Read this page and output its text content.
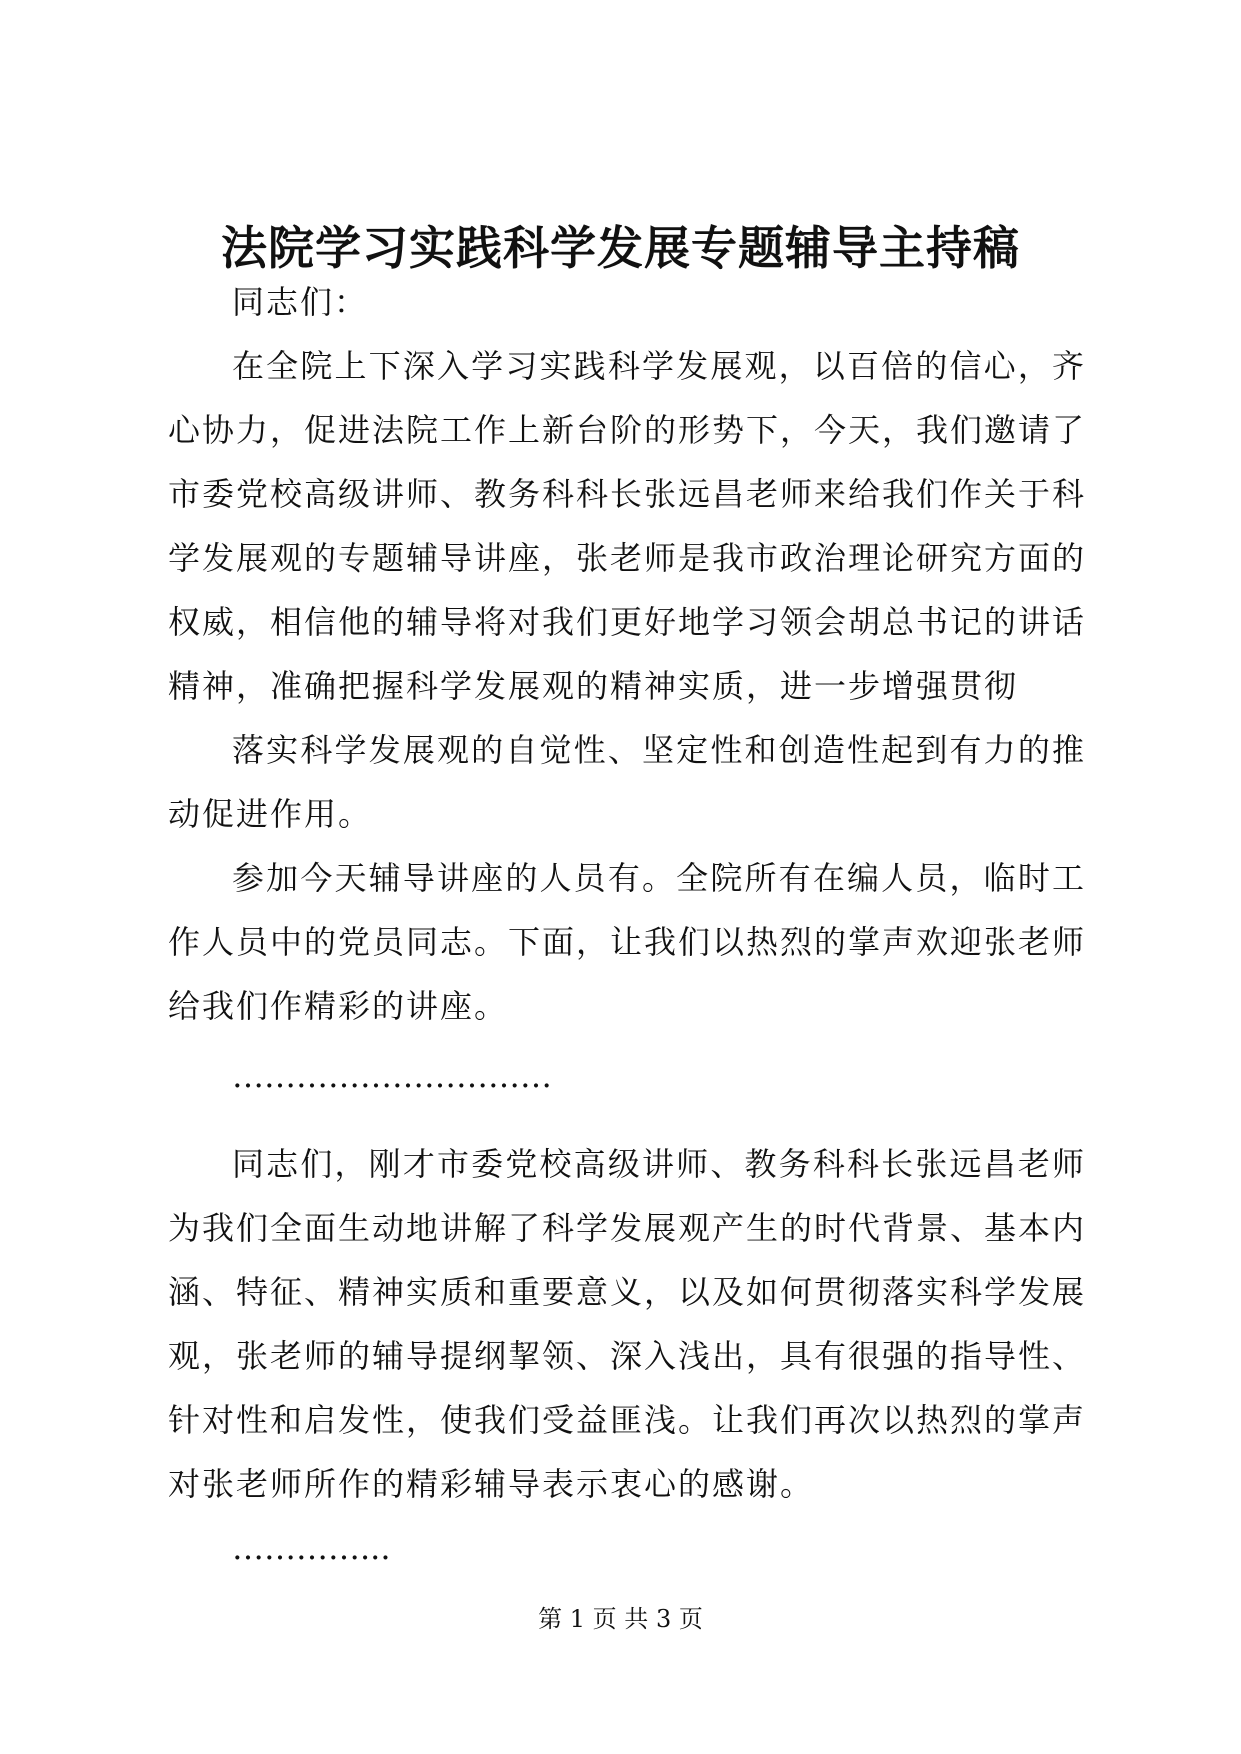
法院学习实践科学发展专题辅导主持稿

同志们：

在全院上下深入学习实践科学发展观，以百倍的信心，齐心协力，促进法院工作上新台阶的形势下，今天，我们邀请了市委党校高级讲师、教务科科长张远昌老师来给我们作关于科学发展观的专题辅导讲座，张老师是我市政治理论研究方面的权威，相信他的辅导将对我们更好地学习领会胡总书记的讲话精神，准确把握科学发展观的精神实质，进一步增强贯彻

落实科学发展观的自觉性、坚定性和创造性起到有力的推动促进作用。

参加今天辅导讲座的人员有。全院所有在编人员，临时工作人员中的党员同志。下面，让我们以热烈的掌声欢迎张老师给我们作精彩的讲座。

…………………………

同志们，刚才市委党校高级讲师、教务科科长张远昌老师为我们全面生动地讲解了科学发展观产生的时代背景、基本内涵、特征、精神实质和重要意义，以及如何贯彻落实科学发展观，张老师的辅导提纲挈领、深入浅出，具有很强的指导性、针对性和启发性，使我们受益匪浅。让我们再次以热烈的掌声对张老师所作的精彩辅导表示衷心的感谢。

…………...

第 1 页 共 3 页
